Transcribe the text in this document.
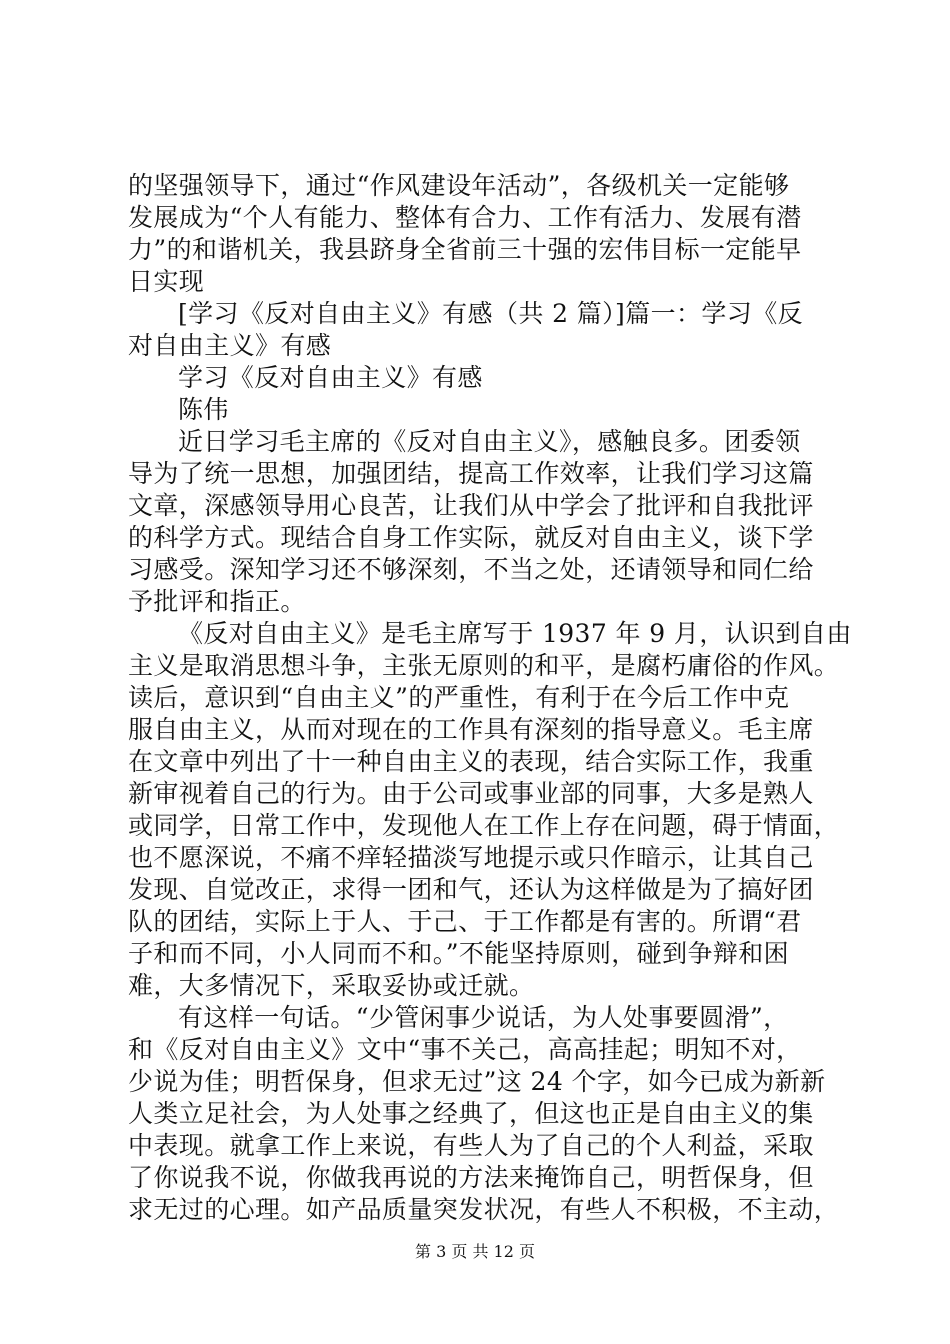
的坚强领导下，通过“作风建设年活动”，各级机关一定能够
发展成为“个人有能力、整体有合力、工作有活力、发展有潜
力”的和谐机关，我县跻身全省前三十强的宏伟目标一定能早
日实现
[学习《反对自由主义》有感（共 2 篇）]篇一：学习《反
对自由主义》有感
学习《反对自由主义》有感
陈伟
近日学习毛主席的《反对自由主义》，感触良多。团委领
导为了统一思想，加强团结，提高工作效率，让我们学习这篇
文章，深感领导用心良苦，让我们从中学会了批评和自我批评
的科学方式。现结合自身工作实际，就反对自由主义，谈下学
习感受。深知学习还不够深刻，不当之处，还请领导和同仁给
予批评和指正。
《反对自由主义》是毛主席写于 1937 年 9 月，认识到自由
主义是取消思想斗争，主张无原则的和平，是腐朽庸俗的作风。
读后，意识到“自由主义”的严重性，有利于在今后工作中克
服自由主义，从而对现在的工作具有深刻的指导意义。毛主席
在文章中列出了十一种自由主义的表现，结合实际工作，我重
新审视着自己的行为。由于公司或事业部的同事，大多是熟人
或同学，日常工作中，发现他人在工作上存在问题，碍于情面，
也不愿深说，不痛不痒轻描淡写地提示或只作暗示，让其自己
发现、自觉改正，求得一团和气，还认为这样做是为了搞好团
队的团结，实际上于人、于己、于工作都是有害的。所谓“君
子和而不同，小人同而不和。”不能坚持原则，碰到争辩和困
难，大多情况下，采取妥协或迁就。
有这样一句话。“少管闲事少说话，为人处事要圆滑”，
和《反对自由主义》文中“事不关己，高高挂起；明知不对，
少说为佳；明哲保身，但求无过”这 24 个字，如今已成为新新
人类立足社会，为人处事之经典了，但这也正是自由主义的集
中表现。就拿工作上来说，有些人为了自己的个人利益，采取
了你说我不说，你做我再说的方法来掩饰自己，明哲保身，但
求无过的心理。如产品质量突发状况，有些人不积极，不主动，
第 3 页 共 12 页
